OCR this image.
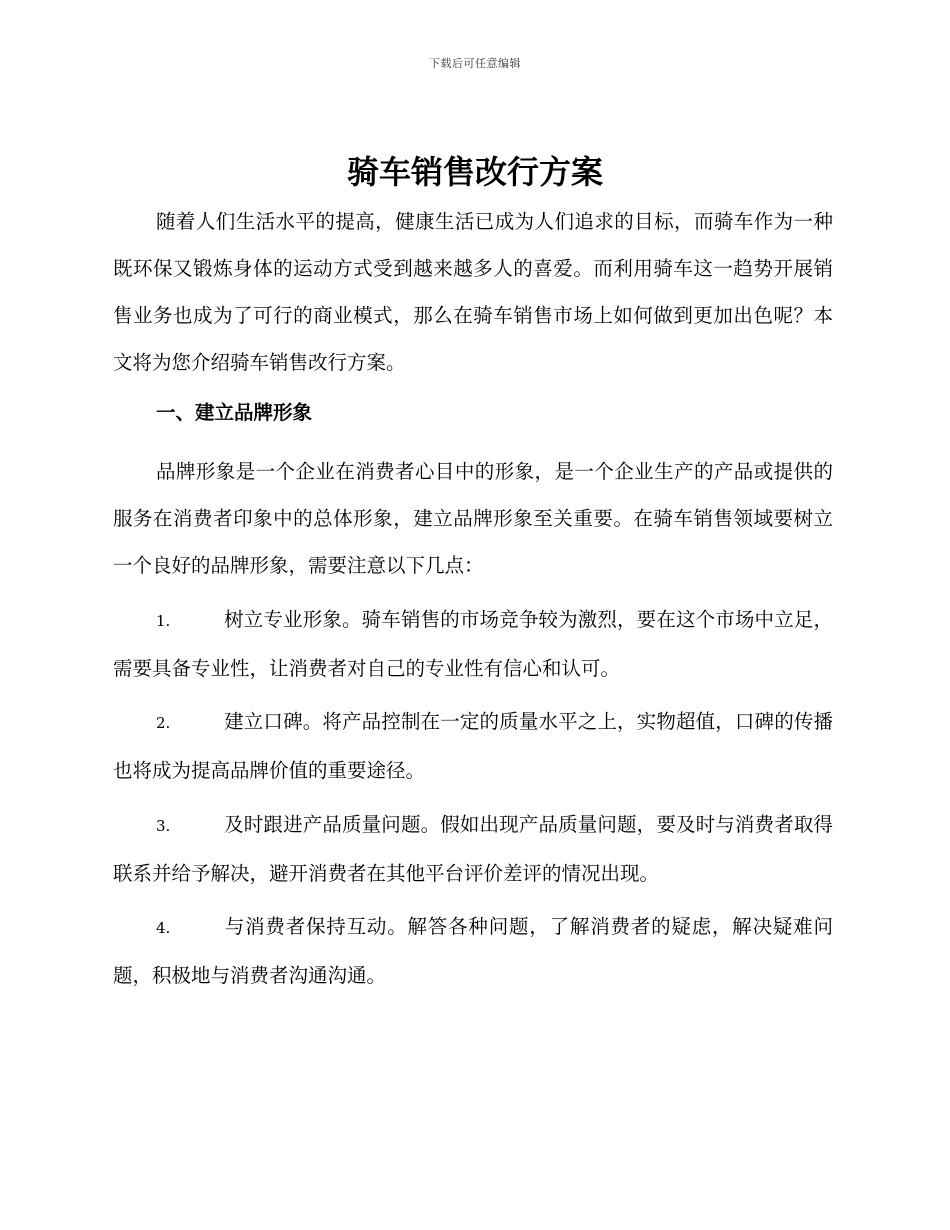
下载后可任意编辑
骑车销售改行方案

随着人们生活水平的提高，健康生活已成为人们追求的目标，而骑车作为一种既环保又锻炼身体的运动方式受到越来越多人的喜爱。而利用骑车这一趋势开展销售业务也成为了可行的商业模式，那么在骑车销售市场上如何做到更加出色呢？本文将为您介绍骑车销售改行方案。

一、建立品牌形象

品牌形象是一个企业在消费者心目中的形象，是一个企业生产的产品或提供的服务在消费者印象中的总体形象，建立品牌形象至关重要。在骑车销售领域要树立一个良好的品牌形象，需要注意以下几点：

1.	树立专业形象。骑车销售的市场竞争较为激烈，要在这个市场中立足，需要具备专业性，让消费者对自己的专业性有信心和认可。

2.	建立口碑。将产品控制在一定的质量水平之上，实物超值，口碑的传播也将成为提高品牌价值的重要途径。

3.	及时跟进产品质量问题。假如出现产品质量问题，要及时与消费者取得联系并给予解决，避开消费者在其他平台评价差评的情况出现。

4.	与消费者保持互动。解答各种问题，了解消费者的疑虑，解决疑难问题，积极地与消费者沟通沟通。
